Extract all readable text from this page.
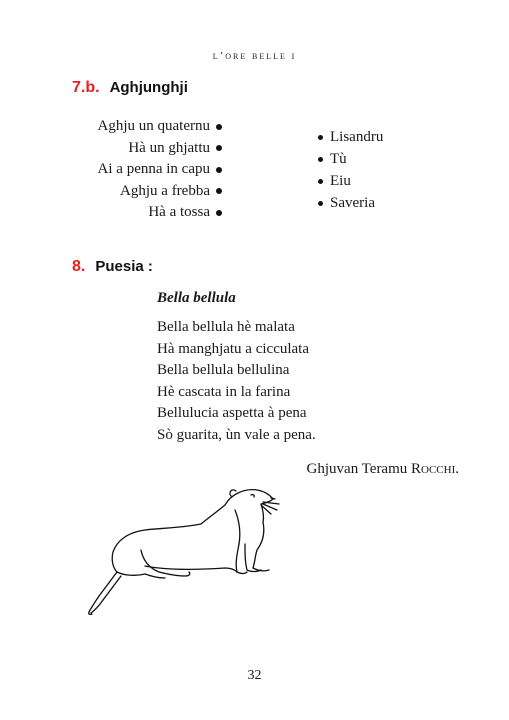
l’ore belle i
7.b. Aghjunghji
Aghju un quaternu
Hà un ghjattu
Ai a penna in capu
Aghju a frebba
Hà a tossa
Lisandru
Tù
Eiu
Saveria
8. Puesia :
Bella bellula
Bella bellula hè malata
Hà manghjatu a cicculata
Bella bellula bellulina
Hè cascata in la farina
Bellulucia aspetta à pena
Sò guarita, ùn vale a pena.
Ghjuvan Teramu Rocchi.
32
